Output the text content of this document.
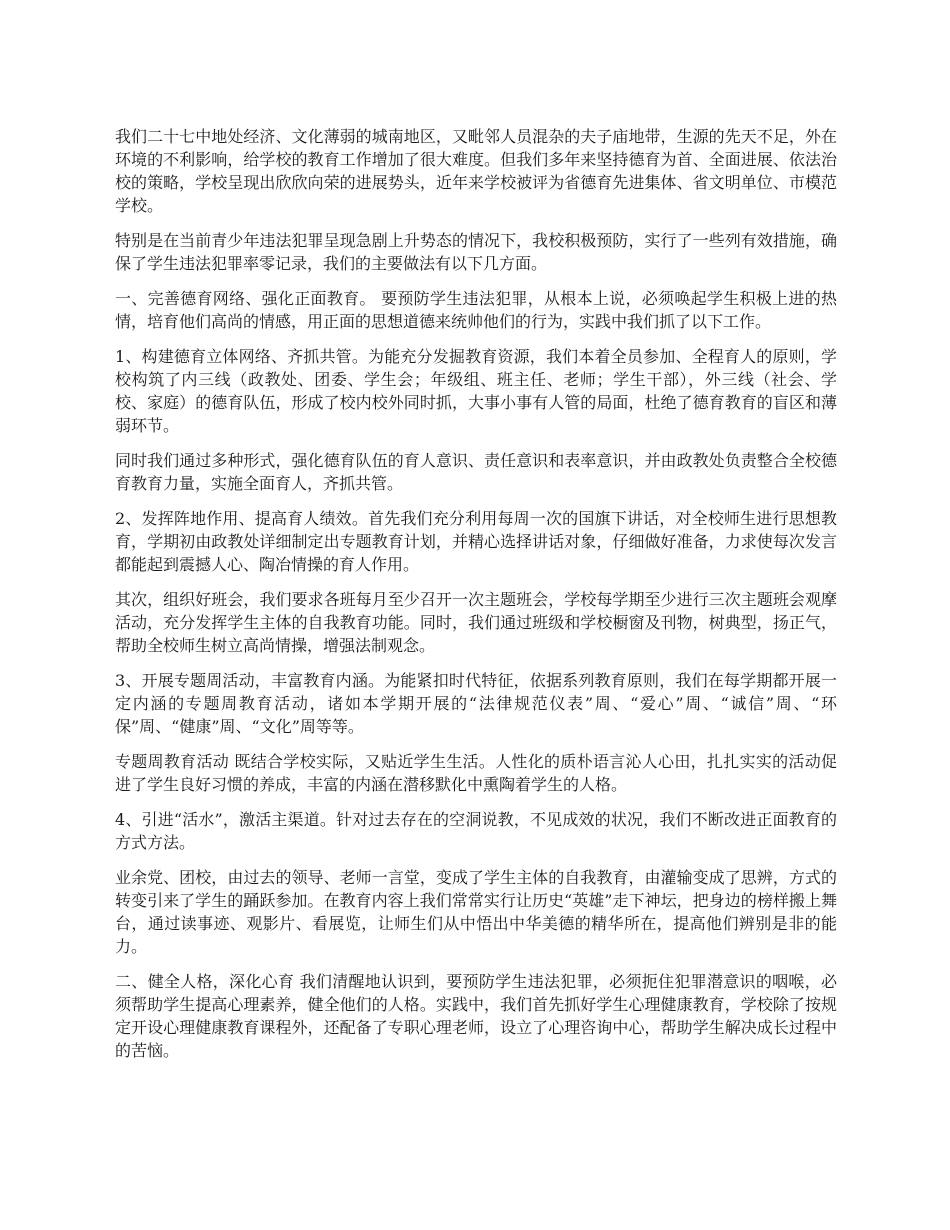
我们二十七中地处经济、文化薄弱的城南地区，又毗邻人员混杂的夫子庙地带，生源的先天不足，外在环境的不利影响，给学校的教育工作增加了很大难度。但我们多年来坚持德育为首、全面进展、依法治校的策略，学校呈现出欣欣向荣的进展势头，近年来学校被评为省德育先进集体、省文明单位、市模范学校。

特别是在当前青少年违法犯罪呈现急剧上升势态的情况下，我校积极预防，实行了一些列有效措施，确保了学生违法犯罪率零记录，我们的主要做法有以下几方面。

一、完善德育网络、强化正面教育。 要预防学生违法犯罪，从根本上说，必须唤起学生积极上进的热情，培育他们高尚的情感，用正面的思想道德来统帅他们的行为，实践中我们抓了以下工作。

1、构建德育立体网络、齐抓共管。为能充分发掘教育资源，我们本着全员参加、全程育人的原则，学校构筑了内三线（政教处、团委、学生会；年级组、班主任、老师；学生干部），外三线（社会、学校、家庭）的德育队伍，形成了校内校外同时抓，大事小事有人管的局面，杜绝了德育教育的盲区和薄弱环节。

同时我们通过多种形式，强化德育队伍的育人意识、责任意识和表率意识，并由政教处负责整合全校德育教育力量，实施全面育人，齐抓共管。

2、发挥阵地作用、提高育人绩效。首先我们充分利用每周一次的国旗下讲话，对全校师生进行思想教育，学期初由政教处详细制定出专题教育计划，并精心选择讲话对象，仔细做好准备，力求使每次发言都能起到震撼人心、陶冶情操的育人作用。

其次，组织好班会，我们要求各班每月至少召开一次主题班会，学校每学期至少进行三次主题班会观摩活动，充分发挥学生主体的自我教育功能。同时，我们通过班级和学校橱窗及刊物，树典型，扬正气，帮助全校师生树立高尚情操，增强法制观念。

3、开展专题周活动，丰富教育内涵。为能紧扣时代特征，依据系列教育原则，我们在每学期都开展一定内涵的专题周教育活动，诸如本学期开展的“法律规范仪表”周、“爱心”周、“诚信”周、“环保”周、“健康”周、“文化”周等等。

专题周教育活动 既结合学校实际，又贴近学生生活。人性化的质朴语言沁人心田，扎扎实实的活动促进了学生良好习惯的养成，丰富的内涵在潜移默化中熏陶着学生的人格。

4、引进“活水”，激活主渠道。针对过去存在的空洞说教，不见成效的状况，我们不断改进正面教育的方式方法。

业余党、团校，由过去的领导、老师一言堂，变成了学生主体的自我教育，由灌输变成了思辨，方式的转变引来了学生的踊跃参加。在教育内容上我们常常实行让历史“英雄”走下神坛，把身边的榜样搬上舞台，通过读事迹、观影片、看展览，让师生们从中悟出中华美德的精华所在，提高他们辨别是非的能力。

二、健全人格，深化心育 我们清醒地认识到，要预防学生违法犯罪，必须扼住犯罪潜意识的咽喉，必须帮助学生提高心理素养，健全他们的人格。实践中，我们首先抓好学生心理健康教育，学校除了按规定开设心理健康教育课程外，还配备了专职心理老师，设立了心理咨询中心，帮助学生解决成长过程中的苦恼。
